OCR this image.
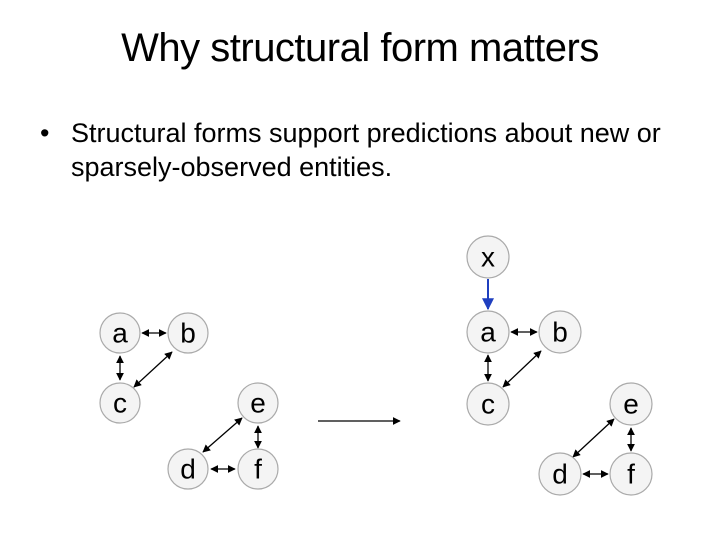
Why structural form matters
• Structural forms support predictions about new or sparsely-observed entities.
a b
c	e
d f
x
a b
c	e
d f
